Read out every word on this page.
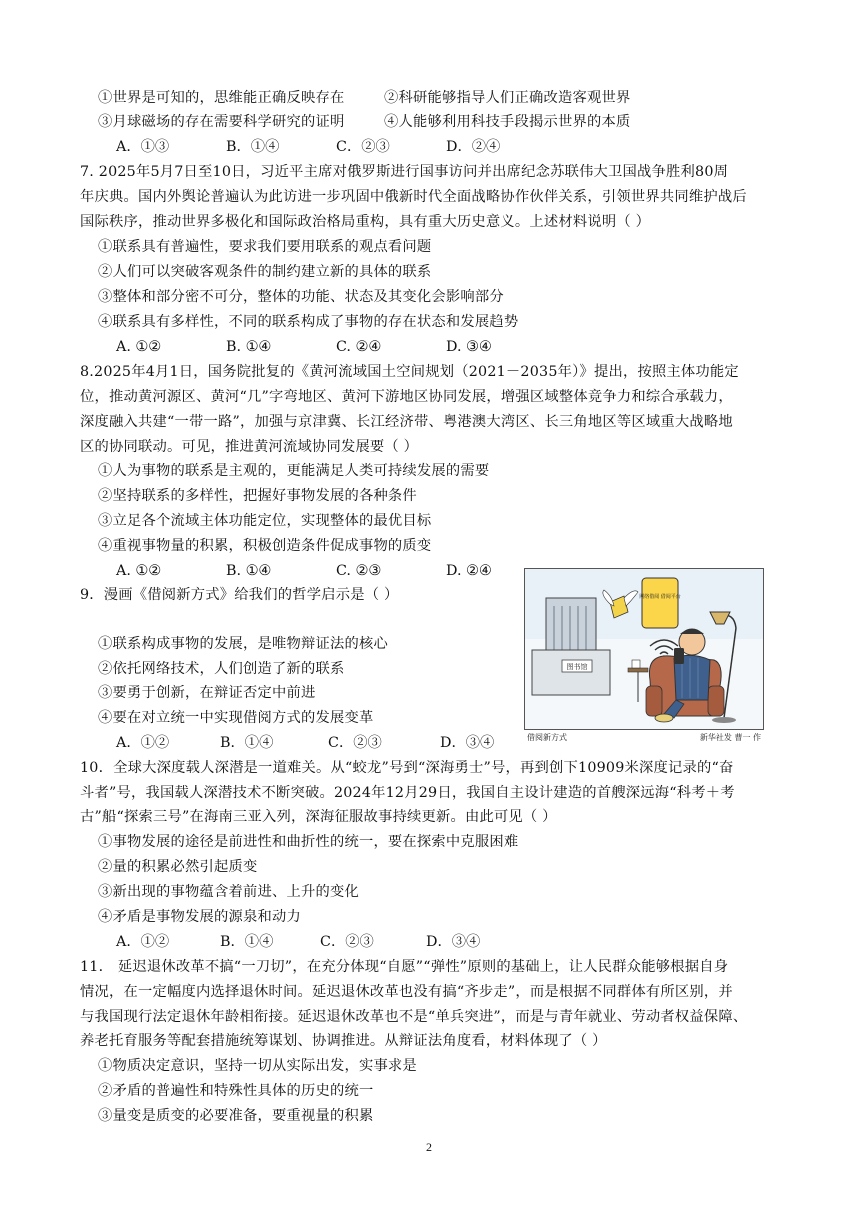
①世界是可知的，思维能正确反映存在	②科研能够指导人们正确改造客观世界
③月球磁场的存在需要科学研究的证明	④人能够利用科技手段揭示世界的本质
A．①③	B．①④	C．②③	D．②④
7. 2025年5月7日至10日，习近平主席对俄罗斯进行国事访问并出席纪念苏联伟大卫国战争胜利80周
年庆典。国内外舆论普遍认为此访进一步巩固中俄新时代全面战略协作伙伴关系，引领世界共同维护战后
国际秩序，推动世界多极化和国际政治格局重构，具有重大历史意义。上述材料说明（ ）
①联系具有普遍性，要求我们要用联系的观点看问题
②人们可以突破客观条件的制约建立新的具体的联系
③整体和部分密不可分，整体的功能、状态及其变化会影响部分
④联系具有多样性，不同的联系构成了事物的存在状态和发展趋势
A. ①②	B. ①④	C. ②④	D. ③④
8.2025年4月1日，国务院批复的《黄河流域国土空间规划（2021－2035年）》提出，按照主体功能定
位，推动黄河源区、黄河“几”字弯地区、黄河下游地区协同发展，增强区域整体竞争力和综合承载力，
深度融入共建“一带一路”，加强与京津冀、长江经济带、粤港澳大湾区、长三角地区等区域重大战略地
区的协同联动。可见，推进黄河流域协同发展要（ ）
①人为事物的联系是主观的，更能满足人类可持续发展的需要
②坚持联系的多样性，把握好事物发展的各种条件
③立足各个流域主体功能定位，实现整体的最优目标
④重视事物量的积累，积极创造条件促成事物的质变
A. ①②	B. ①④	C. ②③	D. ②④
9．漫画《借阅新方式》给我们的哲学启示是（ ）
①联系构成事物的发展，是唯物辩证法的核心
②依托网络技术，人们创造了新的联系
③要勇于创新，在辩证否定中前进
④要在对立统一中实现借阅方式的发展变革
A．①②	B．①④	C．②③	D．③④
图书馆
网络借阅 借阅平台
借阅新方式	新华社发 曹一 作
10．全球大深度载人深潜是一道难关。从“蛟龙”号到“深海勇士”号，再到创下10909米深度记录的“奋
斗者”号，我国载人深潜技术不断突破。2024年12月29日，我国自主设计建造的首艘深远海“科考＋考
古”船“探索三号”在海南三亚入列，深海征服故事持续更新。由此可见（ ）
①事物发展的途径是前进性和曲折性的统一，要在探索中克服困难
②量的积累必然引起质变
③新出现的事物蕴含着前进、上升的变化
④矛盾是事物发展的源泉和动力
A．①②	B．①④	C．②③	D．③④
11． 延迟退休改革不搞“一刀切”，在充分体现“自愿”“弹性”原则的基础上，让人民群众能够根据自身
情况，在一定幅度内选择退休时间。延迟退休改革也没有搞“齐步走”，而是根据不同群体有所区别，并
与我国现行法定退休年龄相衔接。延迟退休改革也不是“单兵突进”，而是与青年就业、劳动者权益保障、
养老托育服务等配套措施统筹谋划、协调推进。从辩证法角度看，材料体现了（ ）
①物质决定意识，坚持一切从实际出发，实事求是
②矛盾的普遍性和特殊性具体的历史的统一
③量变是质变的必要准备，要重视量的积累
2
